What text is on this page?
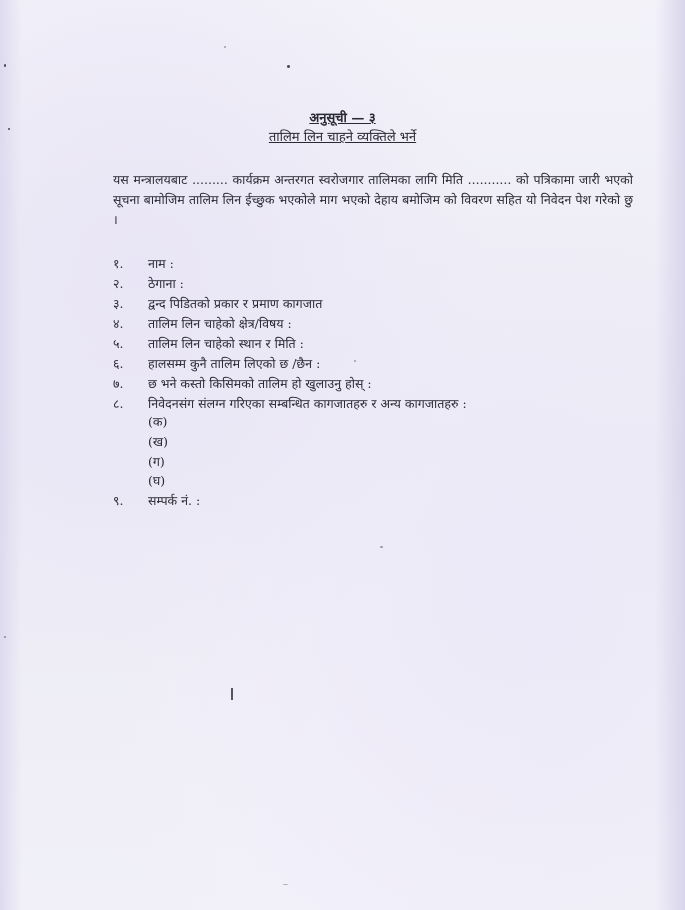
अनुसूची — ३
तालिम लिन चाहने व्यक्तिले भर्ने
यस मन्त्रालयबाट ......... कार्यक्रम अन्तरगत स्वरोजगार तालिमका लागि मिति ........... को पत्रिकामा जारी भएको सूचना बामोजिम तालिम लिन ईच्छुक भएकोले माग भएको देहाय बमोजिम को विवरण सहित यो निवेदन पेश गरेको छु ।
१. नाम :
२. ठेगाना :
३. द्वन्द पिडितको प्रकार र प्रमाण कागजात
४. तालिम लिन चाहेको क्षेत्र/विषय :
५. तालिम लिन चाहेको स्थान र मिति :
६. हालसम्म कुनै तालिम लिएको छ /छैन :
७. छ भने कस्तो किसिमको तालिम हो खुलाउनु होस् :
८. निवेदनसंग संलग्न गरिएका सम्बन्धित कागजातहरु र अन्य कागजातहरु :
(क)
(ख)
(ग)
(घ)
९. सम्पर्क नं. :
